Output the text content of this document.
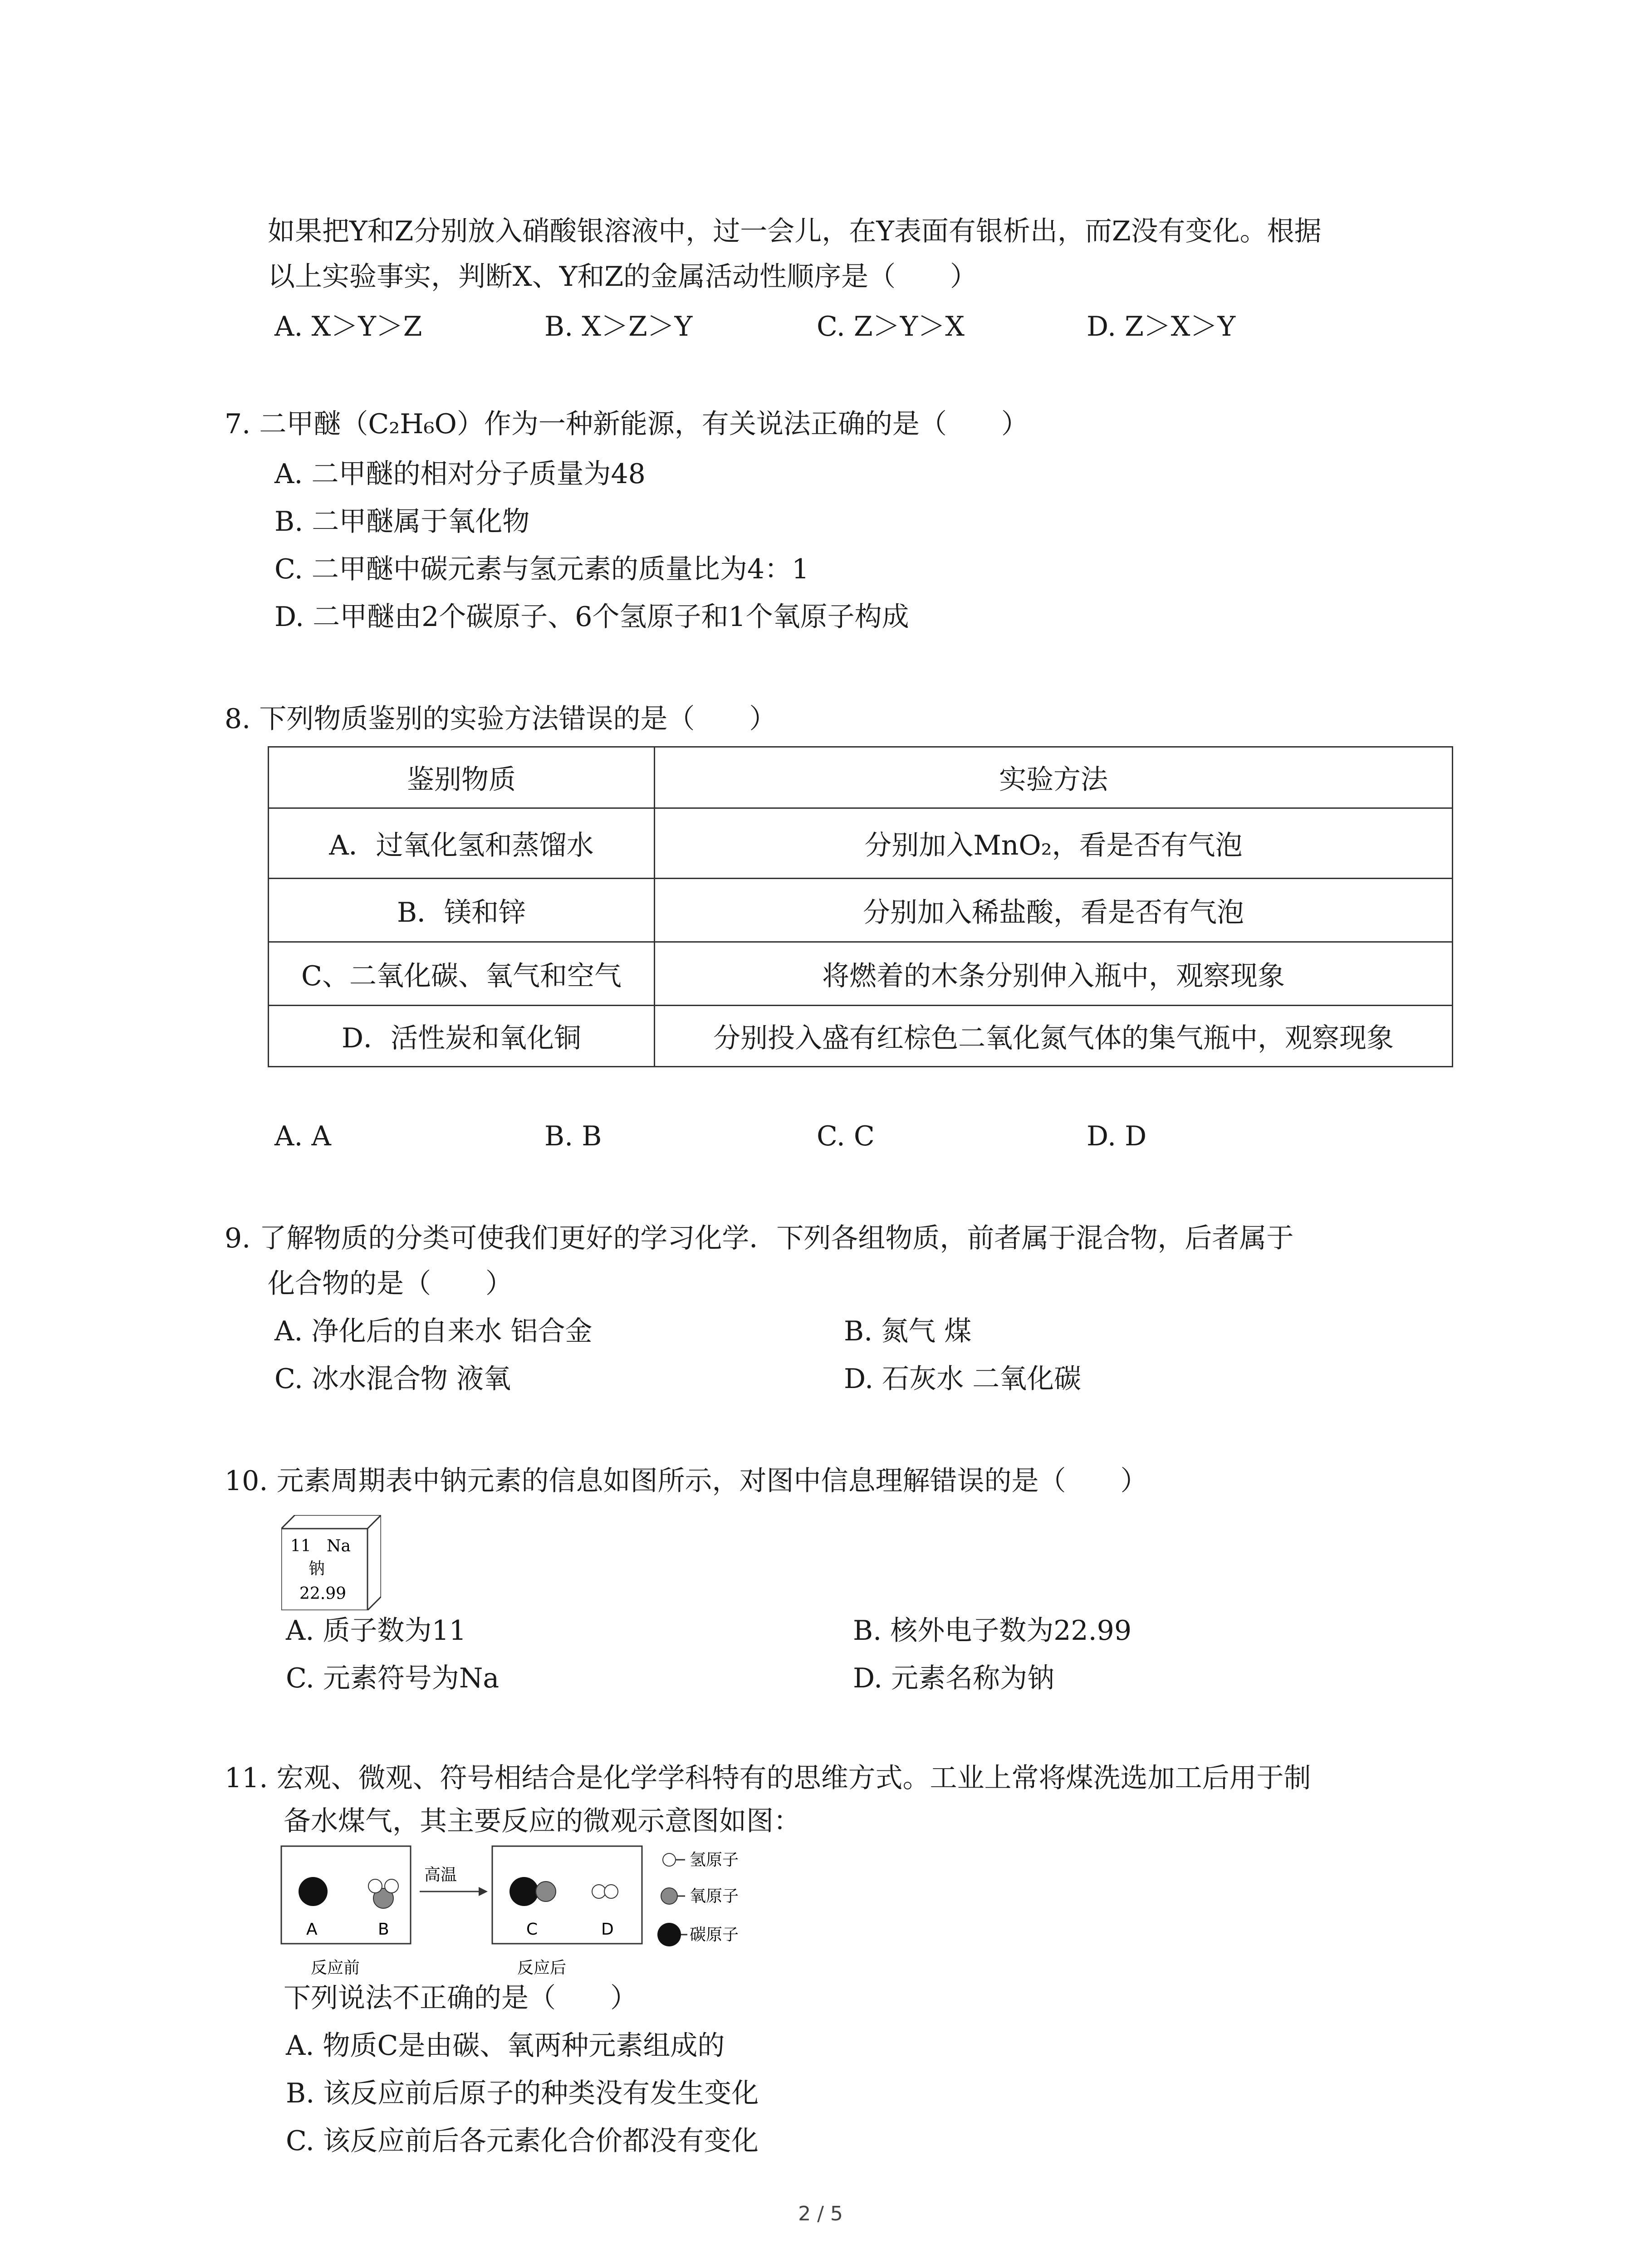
如果把Y和Z分别放入硝酸银溶液中，过一会儿，在Y表面有银析出，而Z没有变化。根据
以上实验事实，判断X、Y和Z的金属活动性顺序是（　　）
A. X＞Y＞Z	B. X＞Z＞Y	C. Z＞Y＞X	D. Z＞X＞Y
7. 二甲醚（C₂H₆O）作为一种新能源，有关说法正确的是（　　）
A. 二甲醚的相对分子质量为48
B. 二甲醚属于氧化物
C. 二甲醚中碳元素与氢元素的质量比为4：1
D. 二甲醚由2个碳原子、6个氢原子和1个氧原子构成
8. 下列物质鉴别的实验方法错误的是（　　）
鉴别物质	实验方法
A．过氧化氢和蒸馏水	分别加入MnO₂，看是否有气泡
B．镁和锌	分别加入稀盐酸，看是否有气泡
C、二氧化碳、氧气和空气	将燃着的木条分别伸入瓶中，观察现象
D．活性炭和氧化铜	分别投入盛有红棕色二氧化氮气体的集气瓶中，观察现象
A. A	B. B	C. C	D. D
9. 了解物质的分类可使我们更好的学习化学．下列各组物质，前者属于混合物，后者属于
化合物的是（　　）
A. 净化后的自来水 铝合金	B. 氮气 煤
C. 冰水混合物 液氧	D. 石灰水 二氧化碳
10. 元素周期表中钠元素的信息如图所示，对图中信息理解错误的是（　　）
11 Na
钠
22.99
A. 质子数为11	B. 核外电子数为22.99
C. 元素符号为Na	D. 元素名称为钠
11. 宏观、微观、符号相结合是化学学科特有的思维方式。工业上常将煤洗选加工后用于制
备水煤气，其主要反应的微观示意图如图：
A	B
反应前
高温
C	D
反应后
氢原子
氧原子
碳原子
下列说法不正确的是（　　）
A. 物质C是由碳、氧两种元素组成的
B. 该反应前后原子的种类没有发生变化
C. 该反应前后各元素化合价都没有变化
2 / 5
